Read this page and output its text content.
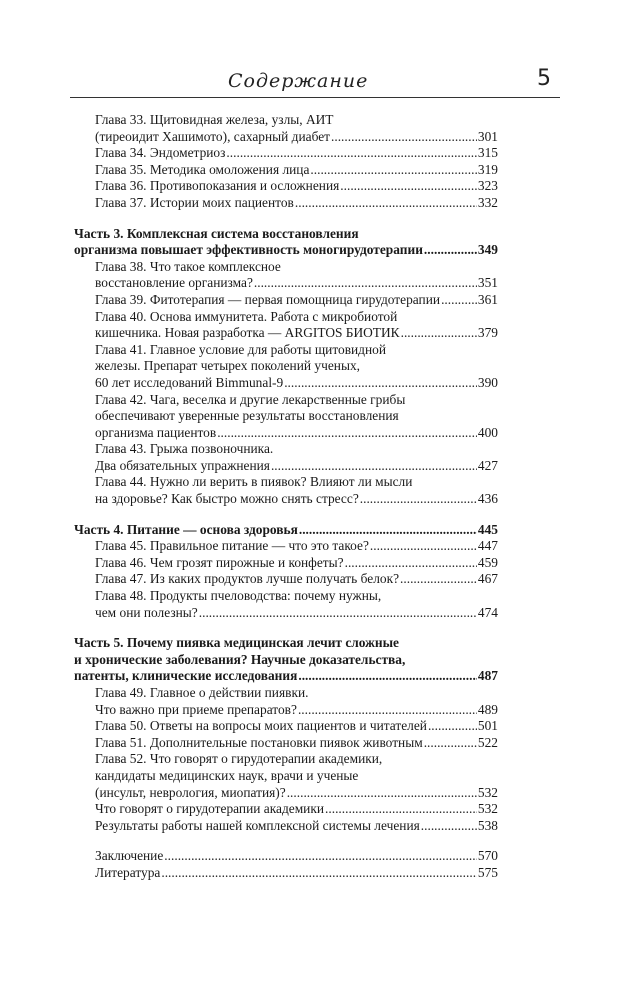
Содержание	5
Глава 33. Щитовидная железа, узлы, АИТ
(тиреоидит Хашимото), сахарный диабет .....	301
Глава 34. Эндометриоз .....	315
Глава 35. Методика омоложения лица .....	319
Глава 36. Противопоказания и осложнения .....	323
Глава 37. Истории моих пациентов .....	332
Часть 3. Комплексная система восстановления
организма повышает эффективность моногирудотерапии .....	349
Глава 38. Что такое комплексное
восстановление организма? .....	351
Глава 39. Фитотерапия — первая помощница гирудотерапии .....	361
Глава 40. Основа иммунитета. Работа с микробиотой
кишечника. Новая разработка — ARGITOS БИОТИК .....	379
Глава 41. Главное условие для работы щитовидной
железы. Препарат четырех поколений ученых,
60 лет исследований Bimmunal-9 .....	390
Глава 42. Чага, веселка и другие лекарственные грибы
обеспечивают уверенные результаты восстановления
организма пациентов .....	400
Глава 43. Грыжа позвоночника.
Два обязательных упражнения .....	427
Глава 44. Нужно ли верить в пиявок? Влияют ли мысли
на здоровье? Как быстро можно снять стресс? .....	436
Часть 4. Питание — основа здоровья .....	445
Глава 45. Правильное питание — что это такое? .....	447
Глава 46. Чем грозят пирожные и конфеты? .....	459
Глава 47. Из каких продуктов лучше получать белок? .....	467
Глава 48. Продукты пчеловодства: почему нужны,
чем они полезны? .....	474
Часть 5. Почему пиявка медицинская лечит сложные
и хронические заболевания? Научные доказательства,
патенты, клинические исследования .....	487
Глава 49. Главное о действии пиявки.
Что важно при приеме препаратов? .....	489
Глава 50. Ответы на вопросы моих пациентов и читателей .....	501
Глава 51. Дополнительные постановки пиявок животным .....	522
Глава 52. Что говорят о гирудотерапии академики,
кандидаты медицинских наук, врачи и ученые
(инсульт, неврология, миопатия)? .....	532
Что говорят о гирудотерапии академики .....	532
Результаты работы нашей комплексной системы лечения .....	538
Заключение .....	570
Литература .....	575
